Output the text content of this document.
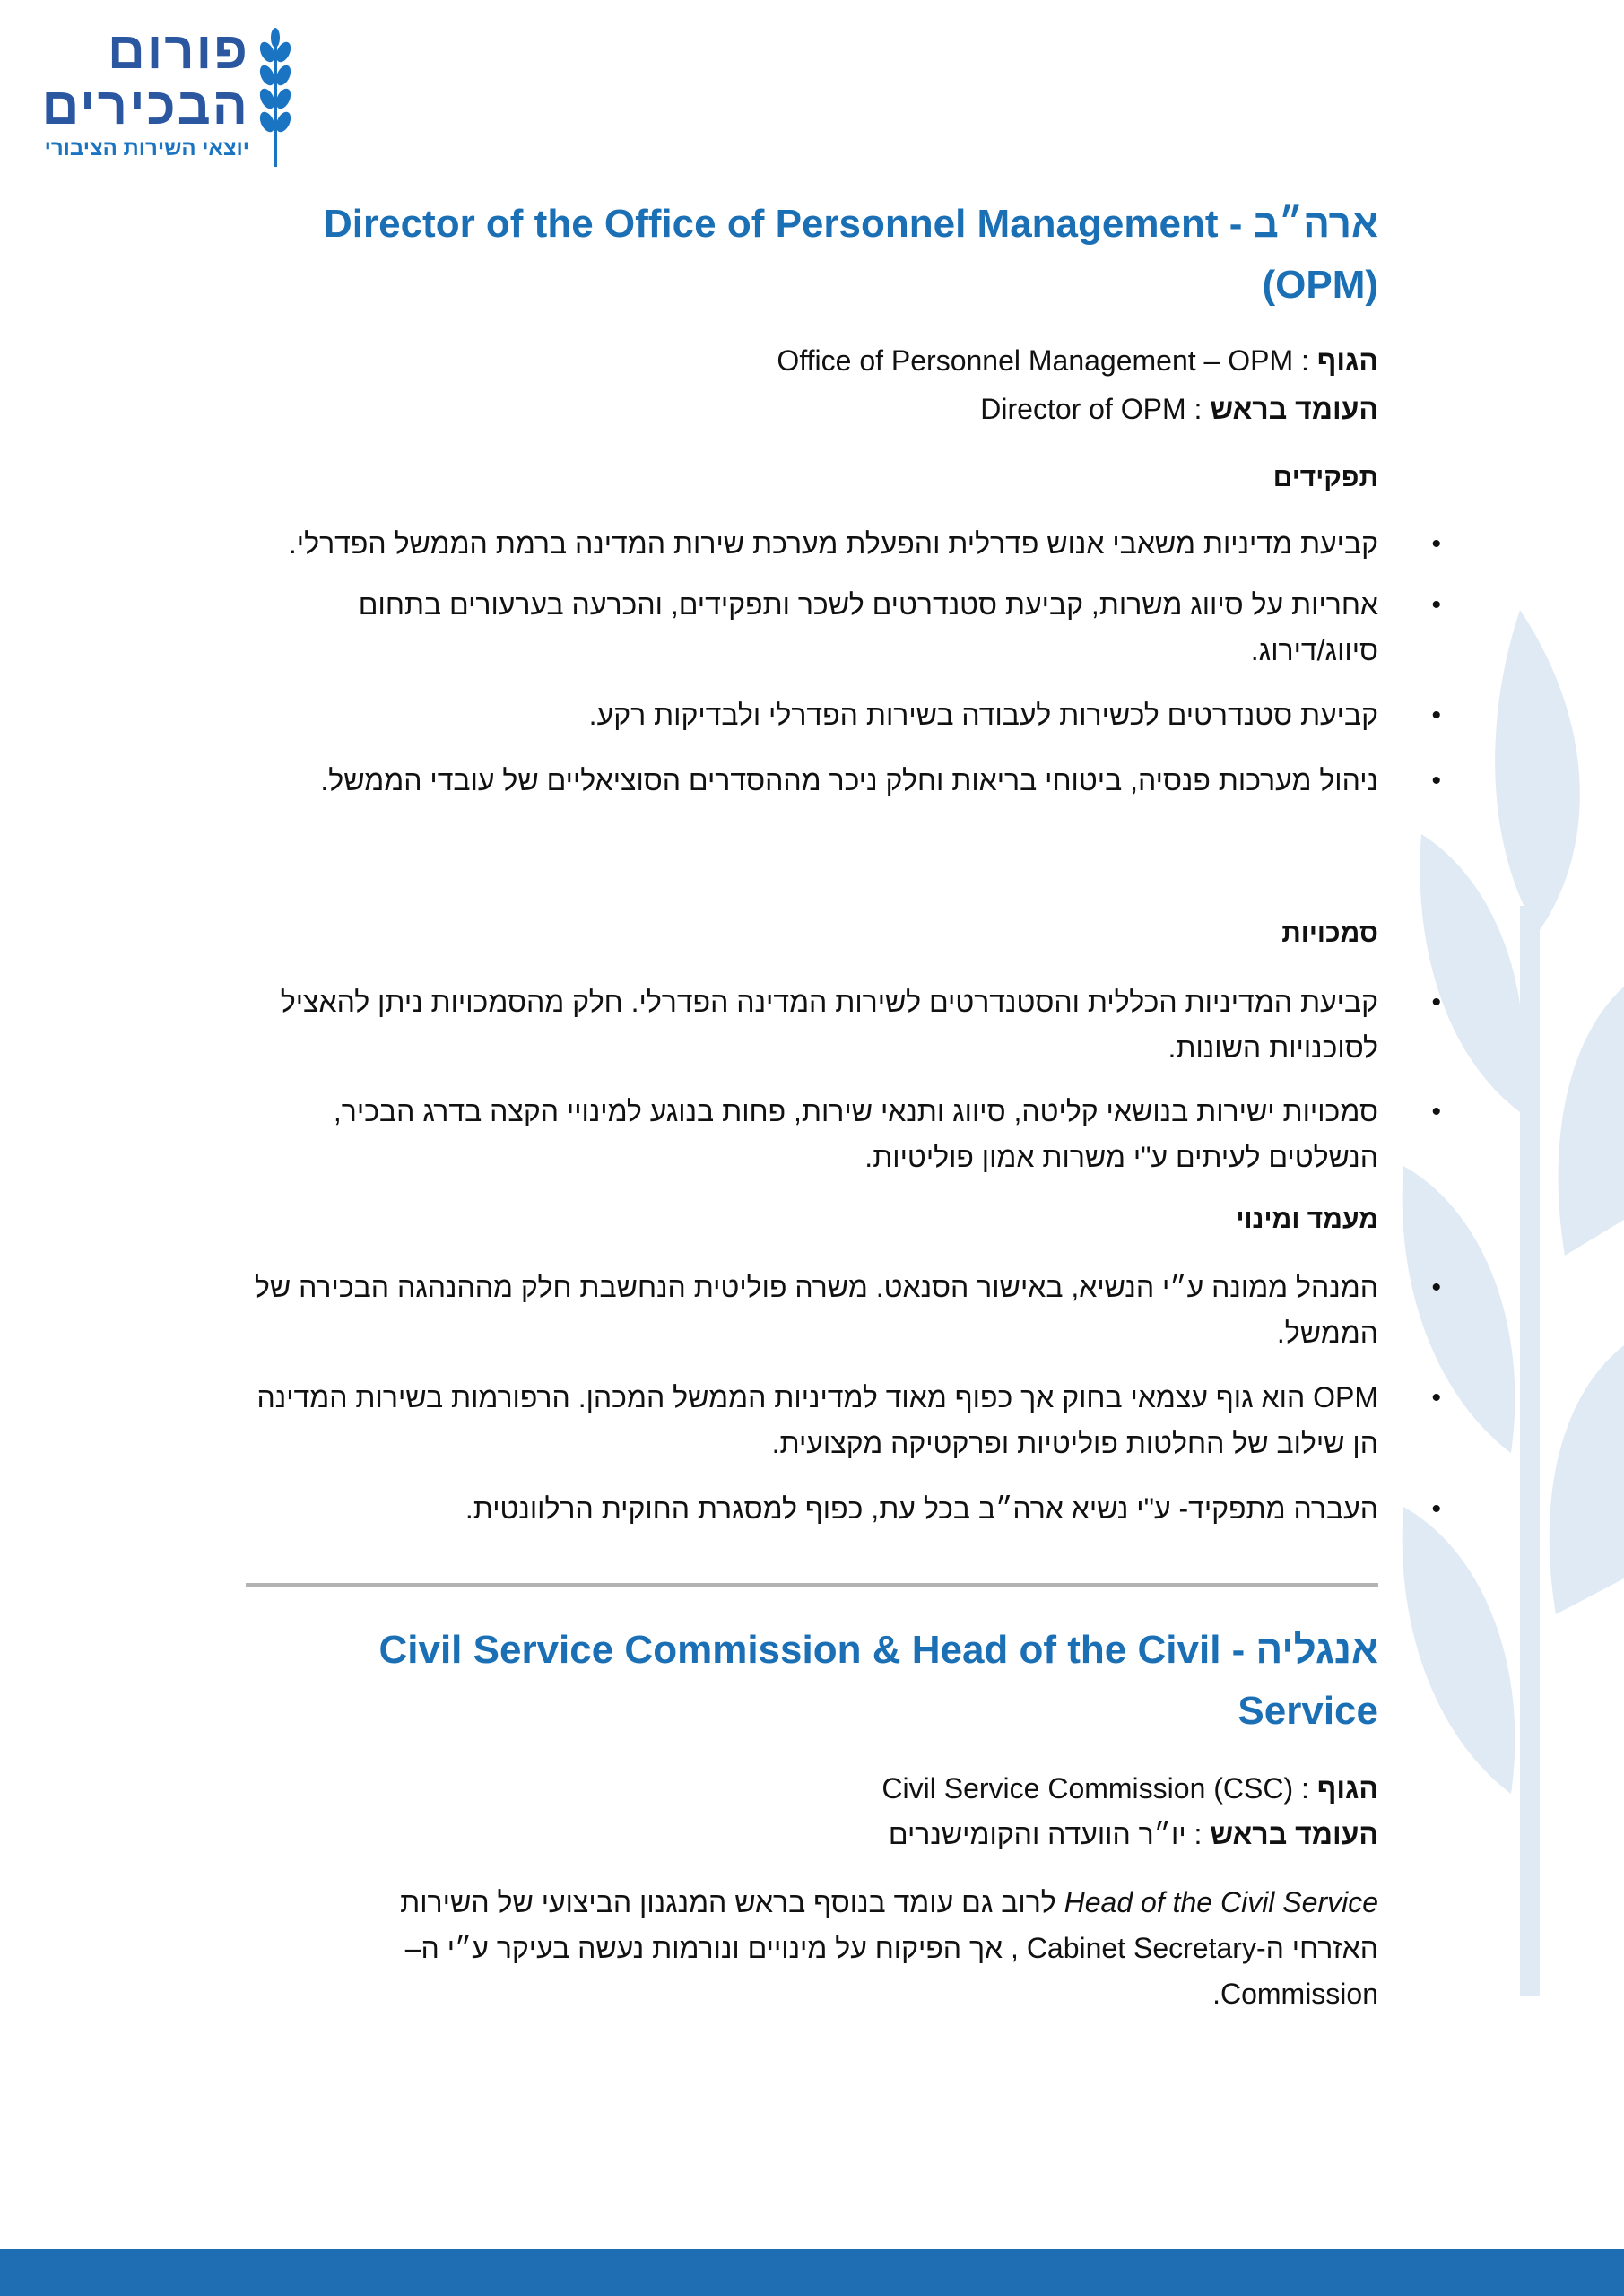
פורום
הבכירים
יוצאי השירות הציבורי
ארה״ב - Director of the Office of Personnel Management (OPM)
הגוף : Office of Personnel Management – OPM
העומד בראש : Director of OPM
תפקידים
• קביעת מדיניות משאבי אנוש פדרלית והפעלת מערכת שירות המדינה ברמת הממשל הפדרלי.
• אחריות על סיווג משרות, קביעת סטנדרטים לשכר ותפקידים, והכרעה בערעורים בתחום סיווג/דירוג.
• קביעת סטנדרטים לכשירות לעבודה בשירות הפדרלי ולבדיקות רקע.
• ניהול מערכות פנסיה, ביטוחי בריאות וחלק ניכר מההסדרים הסוציאליים של עובדי הממשל.
סמכויות
• קביעת המדיניות הכללית והסטנדרטים לשירות המדינה הפדרלי. חלק מהסמכויות ניתן להאציל לסוכנויות השונות.
• סמכויות ישירות בנושאי קליטה, סיווג ותנאי שירות, פחות בנוגע למינויי הקצה בדרג הבכיר, הנשלטים לעיתים ע"י משרות אמון פוליטיות.
מעמד ומינוי
• המנהל ממונה ע״י הנשיא, באישור הסנאט. משרה פוליטית הנחשבת חלק מההנהגה הבכירה של הממשל.
• OPM הוא גוף עצמאי בחוק אך כפוף מאוד למדיניות הממשל המכהן. הרפורמות בשירות המדינה הן שילוב של החלטות פוליטיות ופרקטיקה מקצועית.
• העברה מתפקיד- ע"י נשיא ארה״ב בכל עת, כפוף למסגרת החוקית הרלוונטית.
אנגליה - Civil Service Commission & Head of the Civil Service
הגוף : Civil Service Commission (CSC)
העומד בראש : יו״ר הוועדה והקומישנרים
Head of the Civil Service לרוב גם עומד בנוסף בראש המנגנון הביצועי של השירות האזרחי ה-Cabinet Secretary , אך הפיקוח על מינויים ונורמות נעשה בעיקר ע״י ה– Commission.
